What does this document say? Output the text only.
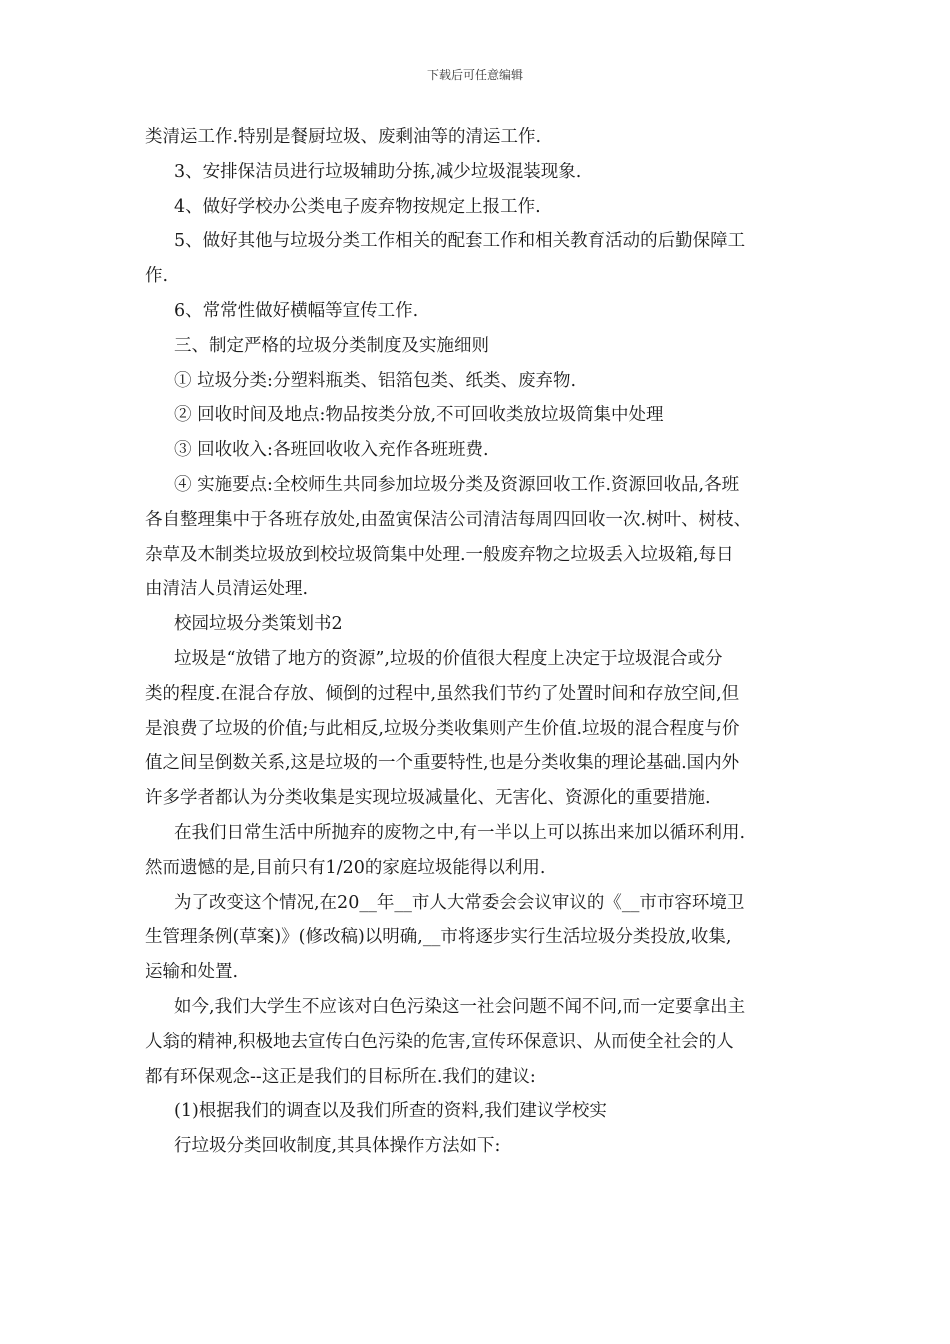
下载后可任意编辑
类清运工作.特别是餐厨垃圾、废剩油等的清运工作.
3、安排保洁员进行垃圾辅助分拣,减少垃圾混装现象.
4、做好学校办公类电子废弃物按规定上报工作.
5、做好其他与垃圾分类工作相关的配套工作和相关教育活动的后勤保障工
作.
6、常常性做好横幅等宣传工作.
三、制定严格的垃圾分类制度及实施细则
① 垃圾分类:分塑料瓶类、铝箔包类、纸类、废弃物.
② 回收时间及地点:物品按类分放,不可回收类放垃圾筒集中处理
③ 回收收入:各班回收收入充作各班班费.
④ 实施要点:全校师生共同参加垃圾分类及资源回收工作.资源回收品,各班
各自整理集中于各班存放处,由盈寅保洁公司清洁每周四回收一次.树叶、树枝、
杂草及木制类垃圾放到校垃圾筒集中处理.一般废弃物之垃圾丢入垃圾箱,每日
由清洁人员清运处理.
校园垃圾分类策划书2
垃圾是“放错了地方的资源”,垃圾的价值很大程度上决定于垃圾混合或分
类的程度.在混合存放、倾倒的过程中,虽然我们节约了处置时间和存放空间,但
是浪费了垃圾的价值;与此相反,垃圾分类收集则产生价值.垃圾的混合程度与价
值之间呈倒数关系,这是垃圾的一个重要特性,也是分类收集的理论基础.国内外
许多学者都认为分类收集是实现垃圾减量化、无害化、资源化的重要措施.
在我们日常生活中所抛弃的废物之中,有一半以上可以拣出来加以循环利用.
然而遗憾的是,目前只有1/20的家庭垃圾能得以利用.
为了改变这个情况,在20__年__市人大常委会会议审议的《__市市容环境卫
生管理条例(草案)》(修改稿)以明确,__市将逐步实行生活垃圾分类投放,收集,
运输和处置.
如今,我们大学生不应该对白色污染这一社会问题不闻不问,而一定要拿出主
人翁的精神,积极地去宣传白色污染的危害,宣传环保意识、从而使全社会的人
都有环保观念--这正是我们的目标所在.我们的建议:
(1)根据我们的调查以及我们所查的资料,我们建议学校实
行垃圾分类回收制度,其具体操作方法如下:
